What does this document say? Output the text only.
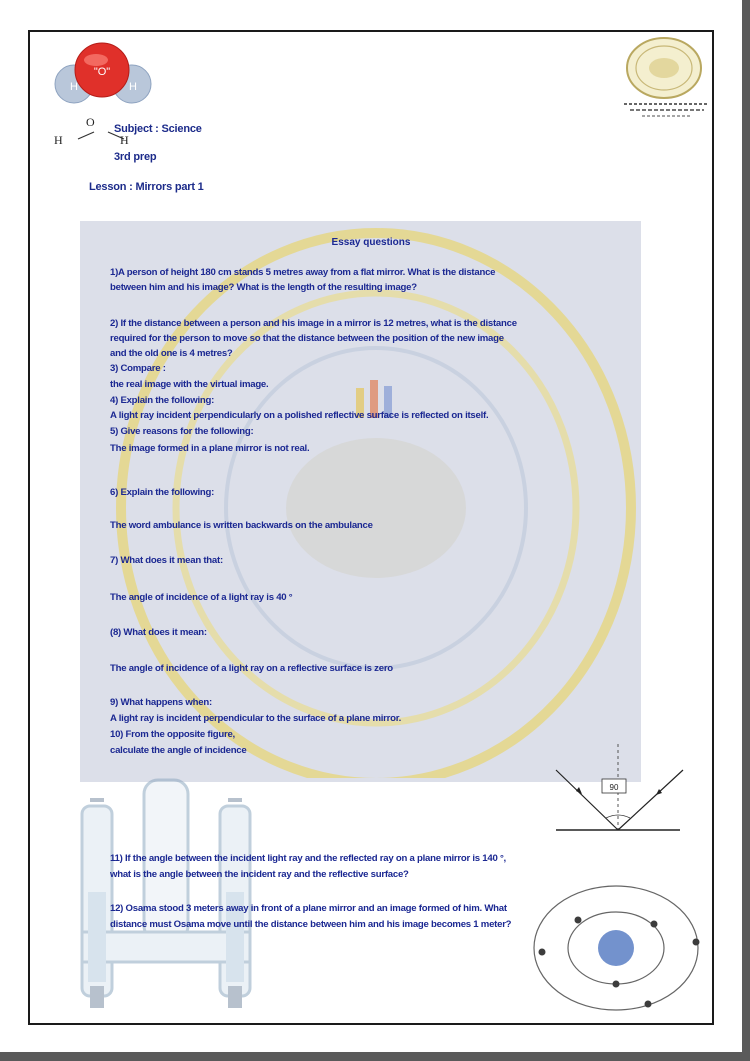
"O"
H	H
O
H	H
Subject : Science
3rd prep
Lesson : Mirrors part 1
Essay questions
1)A person of height 180 cm stands 5 metres away from a flat mirror. What is the distance
between him and his image? What is the length of the resulting image?
2) If the distance between a person and his image in a mirror is 12 metres, what is the distance
required for the person to move so that the distance between the position of the new image
and the old one is 4 metres?
3) Compare :
the real image with the virtual image.
4) Explain the following:
A light ray incident perpendicularly on a polished reflective surface is reflected on itself.
5) Give reasons for the following:
The image formed in a plane mirror is not real.
6) Explain the following:
The word ambulance is written backwards on the ambulance
7) What does it mean that:
The angle of incidence of a light ray is 40 °
(8) What does it mean:
The angle of incidence of a light ray on a reflective surface is zero
9) What happens when:
A light ray is incident perpendicular to the surface of a plane mirror.
10) From the opposite figure,
calculate the angle of incidence
90
11) If the angle between the incident light ray and the reflected ray on a plane mirror is 140 °,
what is the angle between the incident ray and the reflective surface?
12) Osama stood 3 meters away in front of a plane mirror and an image formed of him. What
distance must Osama move until the distance between him and his image becomes 1 meter?
